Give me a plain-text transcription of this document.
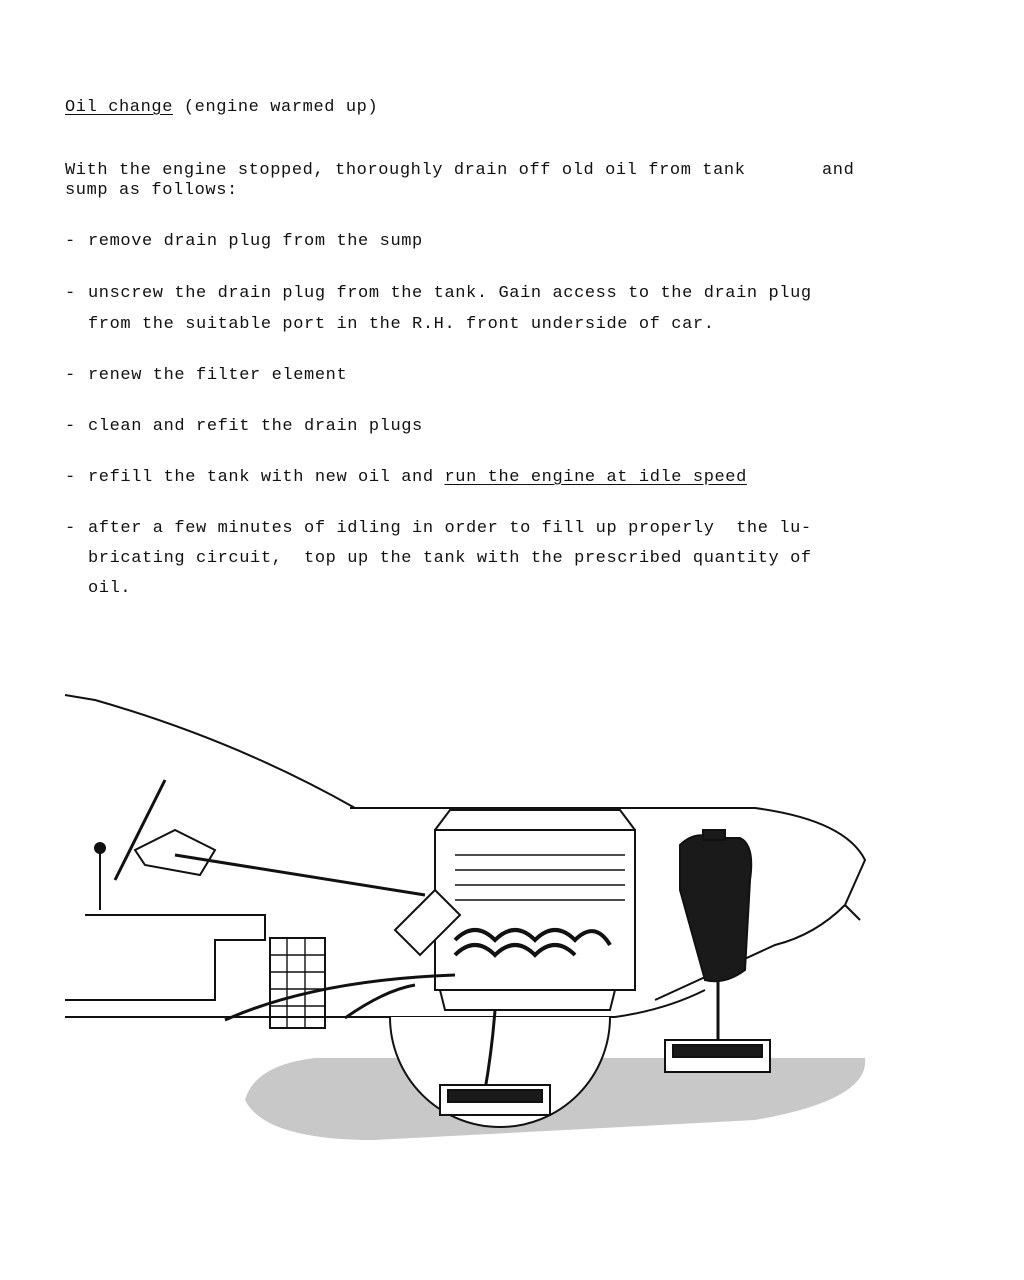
Oil change (engine warmed up)
With the engine stopped, thoroughly drain off old oil from tank	and
sump as follows:
- remove drain plug from the sump
- unscrew the drain plug from the tank. Gain access to the drain plug
from the suitable port in the R.H. front underside of car.
- renew the filter element
- clean and refit the drain plugs
- refill the tank with new oil and run the engine at idle speed
- after a few minutes of idling in order to fill up properly  the lu-
bricating circuit,  top up the tank with the prescribed quantity of
oil.
